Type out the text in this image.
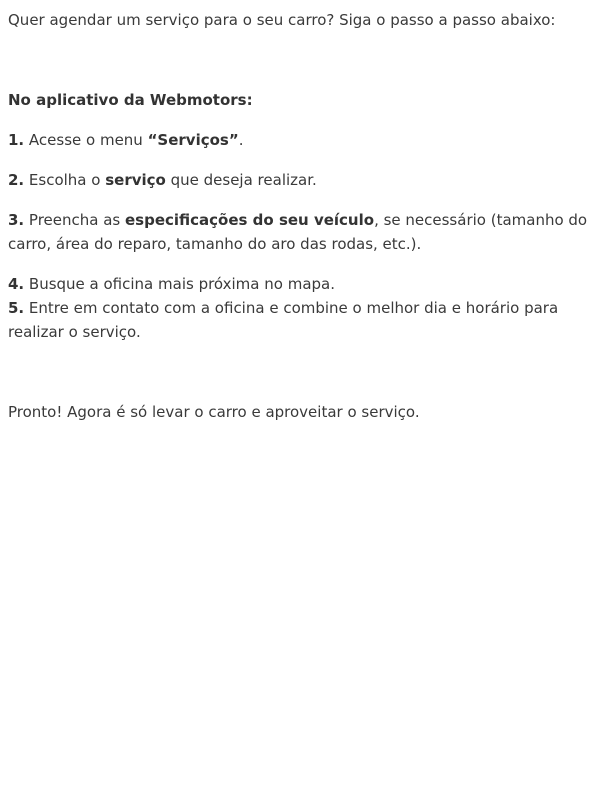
Quer agendar um serviço para o seu carro? Siga o passo a passo abaixo:

No aplicativo da Webmotors:

1. Acesse o menu “Serviços”.

2. Escolha o serviço que deseja realizar.

3. Preencha as especificações do seu veículo, se necessário (tamanho do carro, área do reparo, tamanho do aro das rodas, etc.).

4. Busque a oficina mais próxima no mapa.

5. Entre em contato com a oficina e combine o melhor dia e horário para realizar o serviço.

Pronto! Agora é só levar o carro e aproveitar o serviço.
